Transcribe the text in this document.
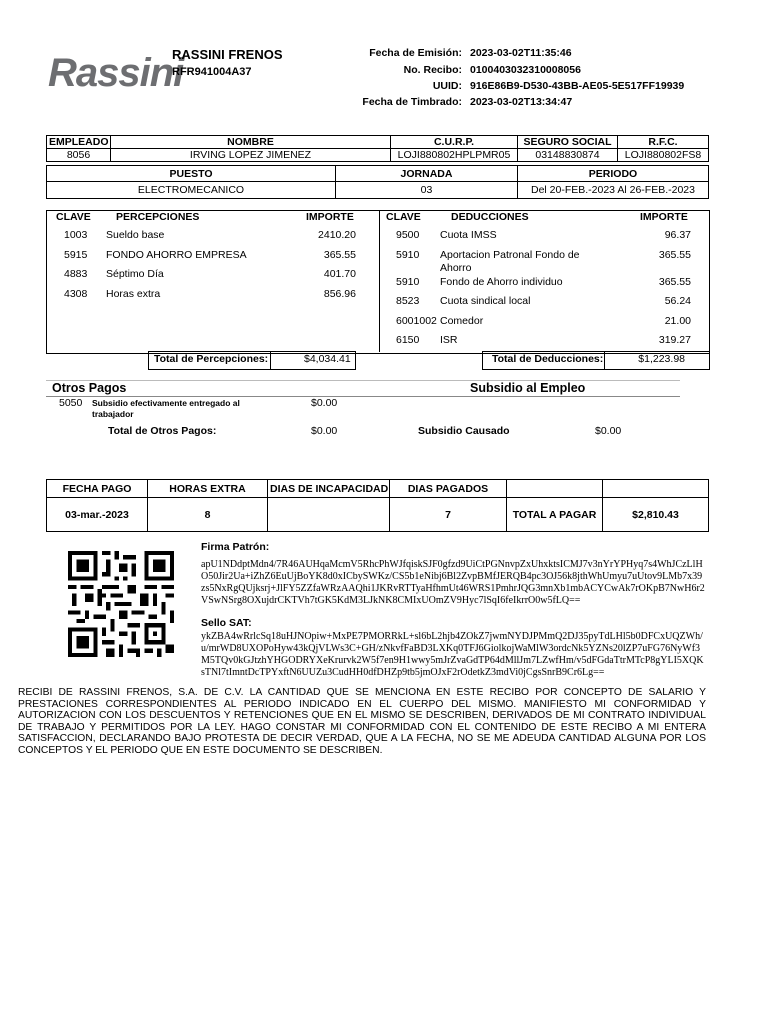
Rassini
RASSINI FRENOS
RFR941004A37
Fecha de Emisión: 2023-03-02T11:35:46
No. Recibo: 0100403032310008056
UUID: 916E86B9-D530-43BB-AE05-5E517FF19939
Fecha de Timbrado: 2023-03-02T13:34:47
EMPLEADO	NOMBRE	C.U.R.P.	SEGURO SOCIAL	R.F.C.
8056	IRVING LOPEZ JIMENEZ	LOJI880802HPLPMR05	03148830874	LOJI880802FS8
PUESTO	JORNADA	PERIODO
ELECTROMECANICO	03	Del 20-FEB.-2023 Al 26-FEB.-2023
CLAVE PERCEPCIONES	IMPORTE
1003 Sueldo base	2410.20
5915 FONDO AHORRO EMPRESA	365.55
4883 Séptimo Día	401.70
4308 Horas extra	856.96
Total de Percepciones:	$4,034.41
CLAVE	DEDUCCIONES	IMPORTE
9500 Cuota IMSS	96.37
5910 Aportacion Patronal Fondo de
Ahorro
365.55
5910 Fondo de Ahorro individuo	365.55
8523 Cuota sindical local	56.24
6001002 Comedor	21.00
6150 ISR	319.27
Total de Deducciones:	$1,223.98
Otros Pagos	Subsidio al Empleo
5050 Subsidio efectivamente entregado al
trabajador
$0.00
Total de Otros Pagos:	$0.00	Subsidio Causado	$0.00
FECHA PAGO	HORAS EXTRA	DIAS DE INCAPACIDAD	DIAS PAGADOS		
03-mar.-2023	8		7	TOTAL A PAGAR	$2,810.43
Firma Patrón:
apU1NDdptMdn4/7R46AUHqaMcmV5RhcPhWJfqiskSJF0gfzd9UiCtPGNnvpZxUhxktsICMJ7v3nYrYPHyq7s4WhJCzLlHO50Jir2Ua+iZhZ6EuUjBoYK8d0xICbySWKz/CS5b1eNibj6Bl2ZvpBMfJERQB4pc3OJ56k8jthWhUmyu7uUtov9LMb7x39zs5NxRgQUjksrj+JlFY5ZZfaWRzAAQhi1JKRvRTTyaHfhmUt46WRS1PmhrJQG3mnXb1mbACYCwAk7rOKpB7NwH6r2VSwNSrg8OXujdrCKTVh7tGK5KdM3LJkNK8CMIxUOmZV9Hyc7lSqI6feIkrrO0w5fLQ==
Sello SAT:
ykZBA4wRrlcSq18uHJNOpiw+MxPE7PMORRkL+sl6bL2hjb4ZOkZ7jwmNYDJPMmQ2DJ35pyTdLHl5b0DFCxUQZWh/u/mrWD8UXOPoHyw43kQjVLWs3C+GH/zNkvfFaBD3LXKq0TFJ6GiolkojWaMlW3ordcNk5YZNs20lZP7uFG76NyWf3M5TQv0kGJtzhYHGODRYXeKrurvk2W5f7en9H1wwy5mJrZvaGdTP64dMllJm7LZwfHm/v5dFGdaTtrMTcP8gYLI5XQKsTNl7tImntDcTPYxftN6UUZu3CudHH0dfDHZp9tb5jmOJxF2rOdetkZ3mdVi0jCgsSnrB9Cr6Lg==
RECIBI DE RASSINI FRENOS, S.A. DE C.V. LA CANTIDAD QUE SE MENCIONA EN ESTE RECIBO POR CONCEPTO DE SALARIO Y PRESTACIONES CORRESPONDIENTES AL PERIODO INDICADO EN EL CUERPO DEL MISMO. MANIFIESTO MI CONFORMIDAD Y AUTORIZACION CON LOS DESCUENTOS Y RETENCIONES QUE EN EL MISMO SE DESCRIBEN, DERIVADOS DE MI CONTRATO INDIVIDUAL DE TRABAJO Y PERMITIDOS POR LA LEY. HAGO CONSTAR MI CONFORMIDAD CON EL CONTENIDO DE ESTE RECIBO A MI ENTERA SATISFACCION, DECLARANDO BAJO PROTESTA DE DECIR VERDAD, QUE A LA FECHA, NO SE ME ADEUDA CANTIDAD ALGUNA POR LOS CONCEPTOS Y EL PERIODO QUE EN ESTE DOCUMENTO SE DESCRIBEN.
